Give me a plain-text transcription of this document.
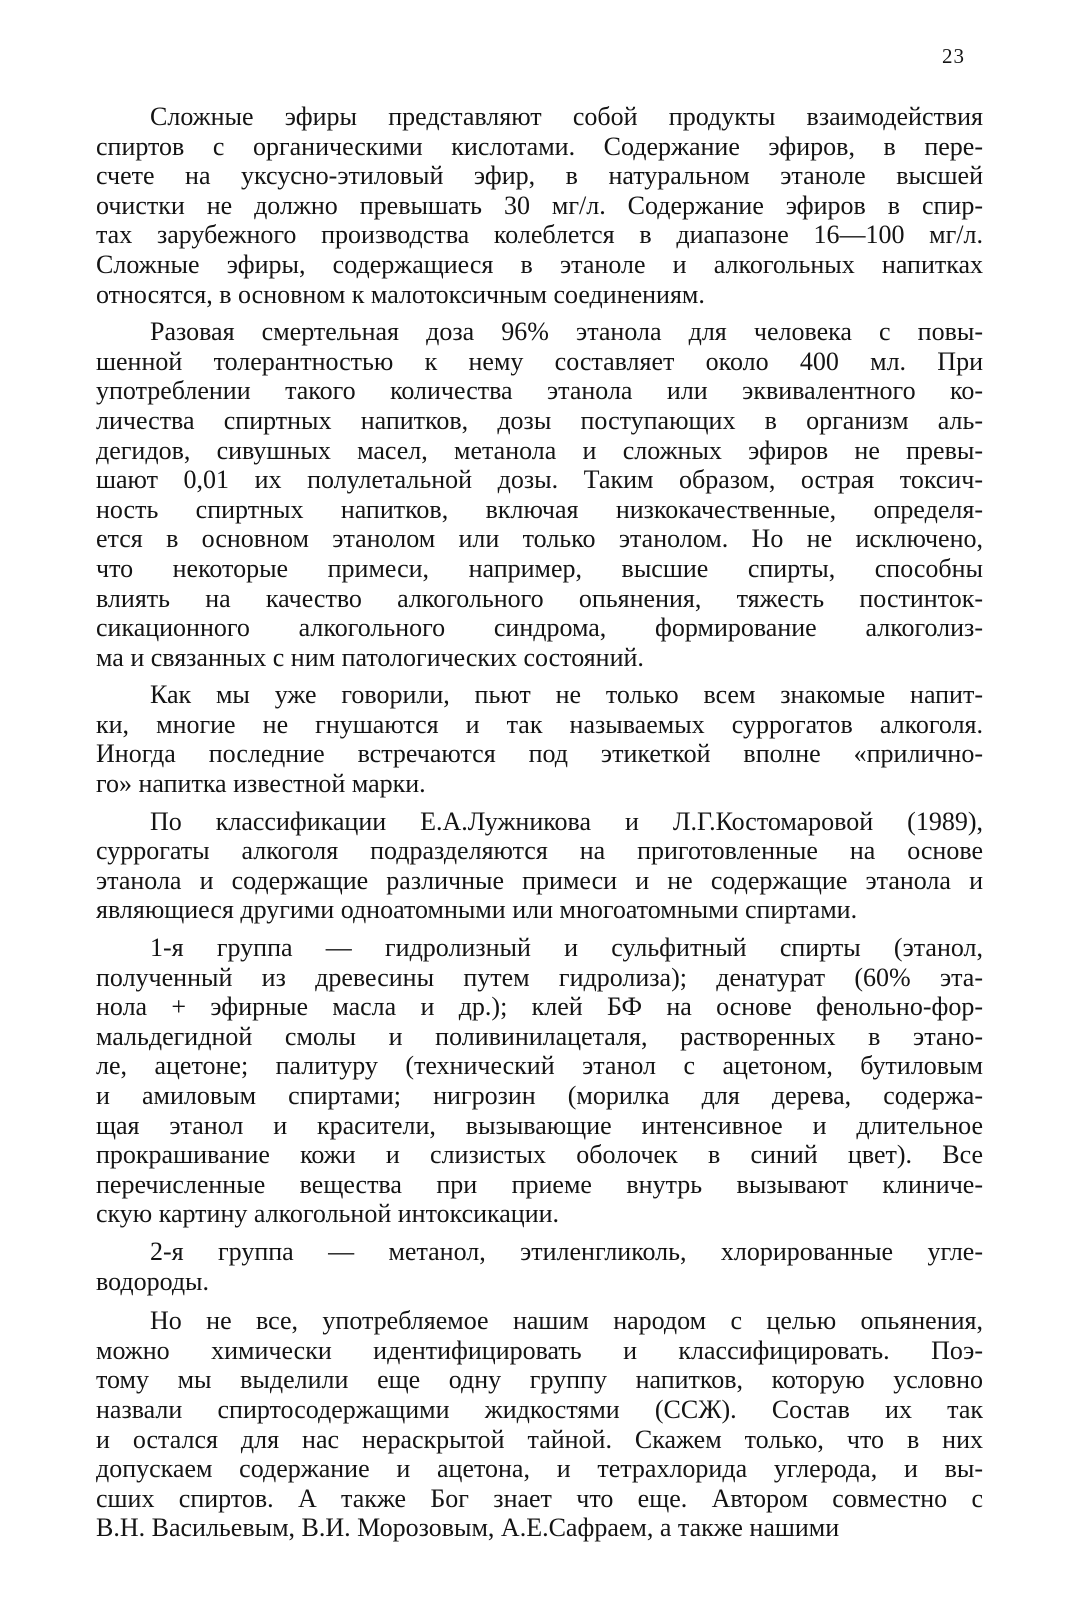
23

Сложные эфиры представляют собой продукты взаимодействия
спиртов с органическими кислотами. Содержание эфиров, в пере-
счете на уксусно-этиловый эфир, в натуральном этаноле высшей
очистки не должно превышать 30 мг/л. Содержание эфиров в спир-
тах зарубежного производства колеблется в диапазоне 16—100 мг/л.
Сложные эфиры, содержащиеся в этаноле и алкогольных напитках
относятся, в основном к малотоксичным соединениям.

Разовая смертельная доза 96% этанола для человека с повы-
шенной толерантностью к нему составляет около 400 мл. При
употреблении такого количества этанола или эквивалентного ко-
личества спиртных напитков, дозы поступающих в организм аль-
дегидов, сивушных масел, метанола и сложных эфиров не превы-
шают 0,01 их полулетальной дозы. Таким образом, острая токсич-
ность спиртных напитков, включая низкокачественные, определя-
ется в основном этанолом или только этанолом. Но не исключено,
что некоторые примеси, например, высшие спирты, способны
влиять на качество алкогольного опьянения, тяжесть постинток-
сикационного алкогольного синдрома, формирование алкоголиз-
ма и связанных с ним патологических состояний.

Как мы уже говорили, пьют не только всем знакомые напит-
ки, многие не гнушаются и так называемых суррогатов алкоголя.
Иногда последние встречаются под этикеткой вполне «прилично-
го» напитка известной марки.

По классификации Е.А.Лужникова и Л.Г.Костомаровой (1989),
суррогаты алкоголя подразделяются на приготовленные на основе
этанола и содержащие различные примеси и не содержащие этанола и
являющиеся другими одноатомными или многоатомными спиртами.

1-я группа — гидролизный и сульфитный спирты (этанол,
полученный из древесины путем гидролиза); денатурат (60% эта-
нола + эфирные масла и др.); клей БФ на основе фенольно-фор-
мальдегидной смолы и поливинилацеталя, растворенных в этано-
ле, ацетоне; палитуру (технический этанол с ацетоном, бутиловым
и амиловым спиртами; нигрозин (морилка для дерева, содержа-
щая этанол и красители, вызывающие интенсивное и длительное
прокрашивание кожи и слизистых оболочек в синий цвет). Все
перечисленные вещества при приеме внутрь вызывают клиниче-
скую картину алкогольной интоксикации.

2-я группа — метанол, этиленгликоль, хлорированные угле-
водороды.

Но не все, употребляемое нашим народом с целью опьянения,
можно химически идентифицировать и классифицировать. Поэ-
тому мы выделили еще одну группу напитков, которую условно
назвали спиртосодержащими жидкостями (ССЖ). Состав их так
и остался для нас нераскрытой тайной. Скажем только, что в них
допускаем содержание и ацетона, и тетрахлорида углерода, и вы-
сших спиртов. А также Бог знает что еще. Автором совместно с
В.Н. Васильевым, В.И. Морозовым, А.Е.Сафраем, а также нашими
